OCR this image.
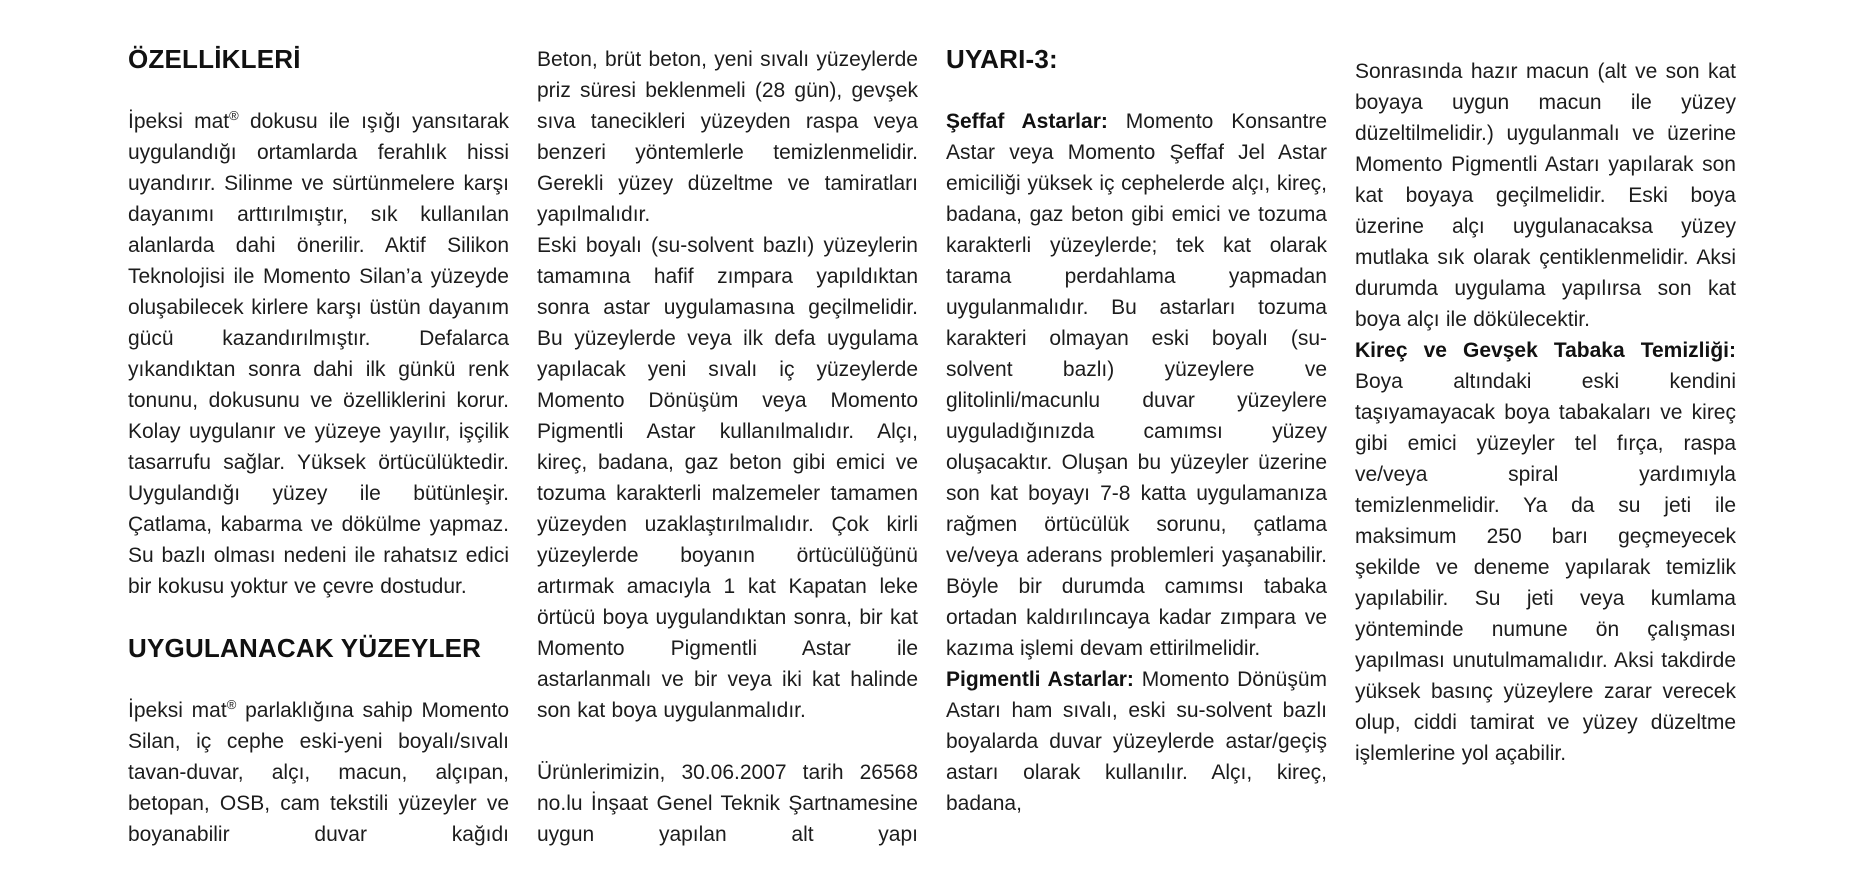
ÖZELLİKLERİ

İpeksi mat® dokusu ile ışığı yansıtarak uygulandığı ortamlarda ferahlık hissi uyandırır. Silinme ve sürtünmelere karşı dayanımı arttırılmıştır, sık kullanılan alanlarda dahi önerilir. Aktif Silikon Teknolojisi ile Momento Silan’a yüzeyde oluşabilecek kirlere karşı üstün dayanım gücü kazandırılmıştır. Defalarca yıkandıktan sonra dahi ilk günkü renk tonunu, dokusunu ve özelliklerini korur. Kolay uygulanır ve yüzeye yayılır, işçilik tasarrufu sağlar. Yüksek örtücülüktedir. Uygulandığı yüzey ile bütünleşir. Çatlama, kabarma ve dökülme yapmaz. Su bazlı olması nedeni ile rahatsız edici bir kokusu yoktur ve çevre dostudur.

UYGULANACAK YÜZEYLER

İpeksi mat® parlaklığına sahip Momento Silan, iç cephe eski-yeni boyalı/sıvalı tavan-duvar, alçı, macun, alçıpan, betopan, OSB, cam tekstili yüzeyler ve boyanabilir duvar kağıdı

Beton, brüt beton, yeni sıvalı yüzeylerde priz süresi beklenmeli (28 gün), gevşek sıva tanecikleri yüzeyden raspa veya benzeri yöntemlerle temizlenmelidir. Gerekli yüzey düzeltme ve tamiratları yapılmalıdır.

Eski boyalı (su-solvent bazlı) yüzeylerin tamamına hafif zımpara yapıldıktan sonra astar uygulamasına geçilmelidir. Bu yüzeylerde veya ilk defa uygulama yapılacak yeni sıvalı iç yüzeylerde Momento Dönüşüm veya Momento Pigmentli Astar kullanılmalıdır. Alçı, kireç, badana, gaz beton gibi emici ve tozuma karakterli malzemeler tamamen yüzeyden uzaklaştırılmalıdır. Çok kirli yüzeylerde boyanın örtücülüğünü artırmak amacıyla 1 kat Kapatan leke örtücü boya uygulandıktan sonra, bir kat Momento Pigmentli Astar ile astarlanmalı ve bir veya iki kat halinde son kat boya uygulanmalıdır.

Ürünlerimizin, 30.06.2007 tarih 26568 no.lu İnşaat Genel Teknik Şartnamesine uygun yapılan alt yapı

UYARI-3:

Şeffaf Astarlar: Momento Konsantre Astar veya Momento Şeffaf Jel Astar emiciliği yüksek iç cephelerde alçı, kireç, badana, gaz beton gibi emici ve tozuma karakterli yüzeylerde; tek kat olarak tarama perdahlama yapmadan uygulanmalıdır. Bu astarları tozuma karakteri olmayan eski boyalı (su-solvent bazlı) yüzeylere ve glitolinli/macunlu duvar yüzeylere uyguladığınızda camımsı yüzey oluşacaktır. Oluşan bu yüzeyler üzerine son kat boyayı 7-8 katta uygulamanıza rağmen örtücülük sorunu, çatlama ve/veya aderans problemleri yaşanabilir. Böyle bir durumda camımsı tabaka ortadan kaldırılıncaya kadar zımpara ve kazıma işlemi devam ettirilmelidir.

Pigmentli Astarlar: Momento Dönüşüm Astarı ham sıvalı, eski su-solvent bazlı boyalarda duvar yüzeylerde astar/geçiş astarı olarak kullanılır. Alçı, kireç, badana,

Sonrasında hazır macun (alt ve son kat boyaya uygun macun ile yüzey düzeltilmelidir.) uygulanmalı ve üzerine Momento Pigmentli Astarı yapılarak son kat boyaya geçilmelidir. Eski boya üzerine alçı uygulanacaksa yüzey mutlaka sık olarak çentiklenmelidir. Aksi durumda uygulama yapılırsa son kat boya alçı ile dökülecektir.

Kireç ve Gevşek Tabaka Temizliği: Boya altındaki eski kendini taşıyamayacak boya tabakaları ve kireç gibi emici yüzeyler tel fırça, raspa ve/veya spiral yardımıyla temizlenmelidir. Ya da su jeti ile maksimum 250 barı geçmeyecek şekilde ve deneme yapılarak temizlik yapılabilir. Su jeti veya kumlama yönteminde numune ön çalışması yapılması unutulmamalıdır. Aksi takdirde yüksek basınç yüzeylere zarar verecek olup, ciddi tamirat ve yüzey düzeltme işlemlerine yol açabilir.
